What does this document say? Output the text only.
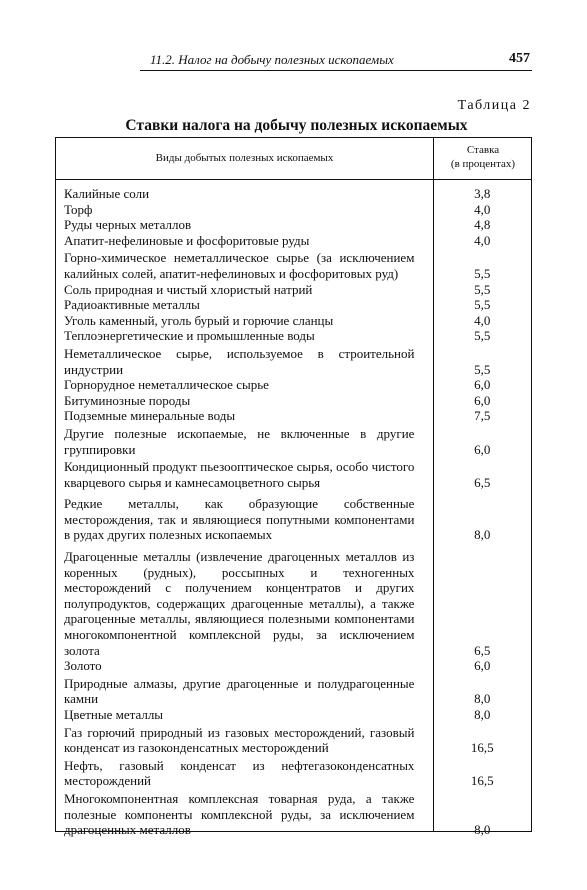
11.2. Налог на добычу полезных ископаемых	457
Таблица 2
Ставки налога на добычу полезных ископаемых
Виды добытых полезных ископаемых
Ставка
(в процентах)
Калийные соли	3,8
Торф	4,0
Руды черных металлов	4,8
Апатит-нефелиновые и фосфоритовые руды	4,0
Горно-химическое неметаллическое сырье (за исключением калийных солей, апатит-нефелиновых и фосфоритовых руд)	5,5
Соль природная и чистый хлористый натрий	5,5
Радиоактивные металлы	5,5
Уголь каменный, уголь бурый и горючие сланцы	4,0
Теплоэнергетические и промышленные воды	5,5
Неметаллическое сырье, используемое в строительной индустрии	5,5
Горнорудное неметаллическое сырье	6,0
Битуминозные породы	6,0
Подземные минеральные воды	7,5
Другие полезные ископаемые, не включенные в другие группировки	6,0
Кондиционный продукт пьезооптическое сырья, особо чистого кварцевого сырья и камнесамоцветного сырья	6,5
Редкие металлы, как образующие собственные месторождения, так и являющиеся попутными компонентами в рудах других полезных ископаемых	8,0
Драгоценные металлы (извлечение драгоценных металлов из коренных (рудных), россыпных и техногенных месторождений с получением концентратов и других полупродуктов, содержащих драгоценные металлы), а также драгоценные металлы, являющиеся полезными компонентами многокомпонентной комплексной руды, за исключением золота	6,5
Золото	6,0
Природные алмазы, другие драгоценные и полудрагоценные камни	8,0
Цветные металлы	8,0
Газ горючий природный из газовых месторождений, газовый конденсат из газоконденсатных месторождений	16,5
Нефть, газовый конденсат из нефтегазоконденсатных месторождений	16,5
Многокомпонентная комплексная товарная руда, а также полезные компоненты комплексной руды, за исключением драгоценных металлов	8,0
